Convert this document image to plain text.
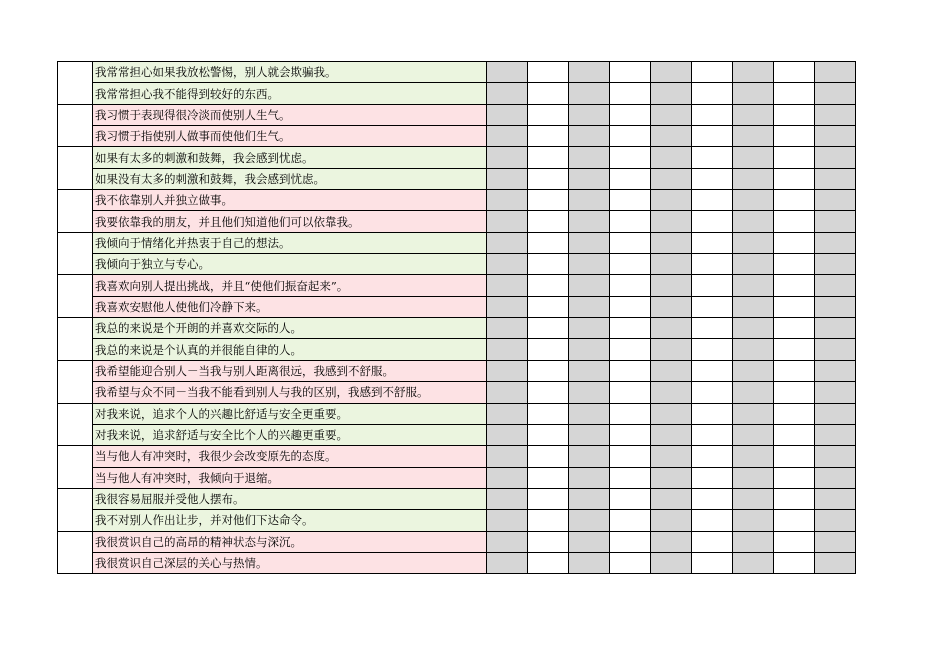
	我常常担心如果我放松警惕，别人就会欺骗我。									
	我常常担心我不能得到较好的东西。									
	我习惯于表现得很冷淡而使别人生气。									
	我习惯于指使别人做事而使他们生气。									
	如果有太多的刺激和鼓舞，我会感到忧虑。									
	如果没有太多的刺激和鼓舞，我会感到忧虑。									
	我不依靠别人并独立做事。									
	我要依靠我的朋友，并且他们知道他们可以依靠我。									
	我倾向于情绪化并热衷于自己的想法。									
	我倾向于独立与专心。									
	我喜欢向别人提出挑战，并且“使他们振奋起来”。									
	我喜欢安慰他人使他们冷静下来。									
	我总的来说是个开朗的并喜欢交际的人。									
	我总的来说是个认真的并很能自律的人。									
	我希望能迎合别人－当我与别人距离很远，我感到不舒服。									
	我希望与众不同－当我不能看到别人与我的区别，我感到不舒服。									
	对我来说，追求个人的兴趣比舒适与安全更重要。									
	对我来说，追求舒适与安全比个人的兴趣更重要。									
	当与他人有冲突时，我很少会改变原先的态度。									
	当与他人有冲突时，我倾向于退缩。									
	我很容易屈服并受他人摆布。									
	我不对别人作出让步，并对他们下达命令。									
	我很赏识自己的高昂的精神状态与深沉。									
	我很赏识自己深层的关心与热情。									
